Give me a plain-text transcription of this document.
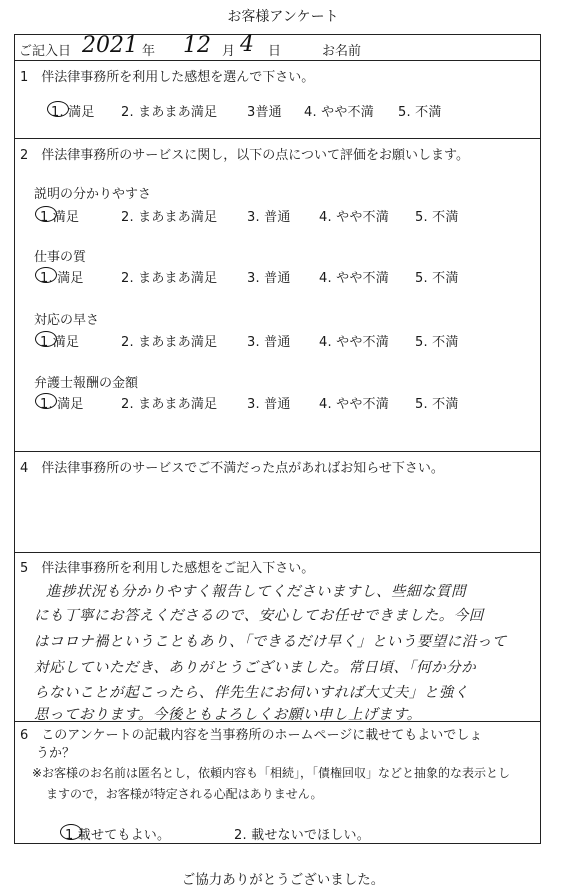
お客様アンケート
ご記入日 2021 年 12 月 4 日	お名前
1　伴法律事務所を利用した感想を選んで下さい。
1. 満足 2. まあまあ満足 3普通 4. やや不満 5. 不満
2　伴法律事務所のサービスに関し，以下の点について評価をお願いします。
説明の分かりやすさ
1 満足	2. まあまあ満足 3. 普通 4. やや不満 5. 不満
仕事の質
1. 満足	2. まあまあ満足 3. 普通 4. やや不満 5. 不満
対応の早さ
1 満足	2. まあまあ満足 3. 普通 4. やや不満 5. 不満
弁護士報酬の金額
1. 満足	2. まあまあ満足 3. 普通 4. やや不満 5. 不満
4　伴法律事務所のサービスでご不満だった点があればお知らせ下さい。
5　伴法律事務所を利用した感想をご記入下さい。
進捗状況も分かりやすく報告してくださいますし、些細な質問
にも丁寧にお答えくださるので、安心してお任せできました。今回
はコロナ禍ということもあり、「できるだけ早く」という要望に沿って
対応していただき、ありがとうございました。常日頃、「何か分か
らないことが起こったら、伴先生にお伺いすれば大丈夫」と強く
思っております。今後ともよろしくお願い申し上げます。
6　このアンケートの記載内容を当事務所のホームページに載せてもよいでしょ
うか？
※お客様のお名前は匿名とし，依頼内容も「相続」，「債権回収」などと抽象的な表示とし
ますので，お客様が特定される心配はありません。
1 載せてもよい。	2. 載せないでほしい。
ご協力ありがとうございました。
